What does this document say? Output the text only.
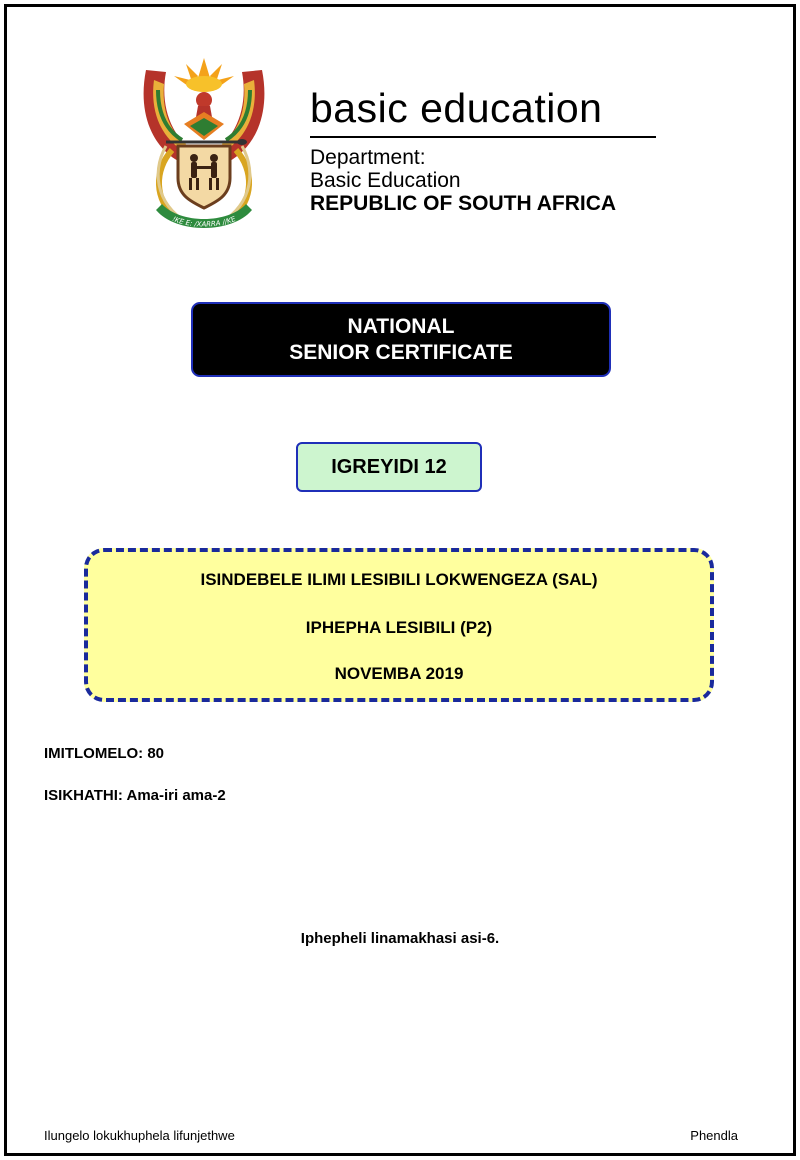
!KE E: /XARRA //KE

basic education

Department:

Basic Education

REPUBLIC OF SOUTH AFRICA

NATIONAL
SENIOR CERTIFICATE
IGREYIDI 12
ISINDEBELE ILIMI LESIBILI LOKWENGEZA (SAL)
IPHEPHA LESIBILI (P2)
NOVEMBA 2019
IMITLOMELO: 80
ISIKHATHI: Ama-iri ama-2
Iphepheli linamakhasi asi-6.
Ilungelo lokukhuphela lifunjethwe	Phendla
